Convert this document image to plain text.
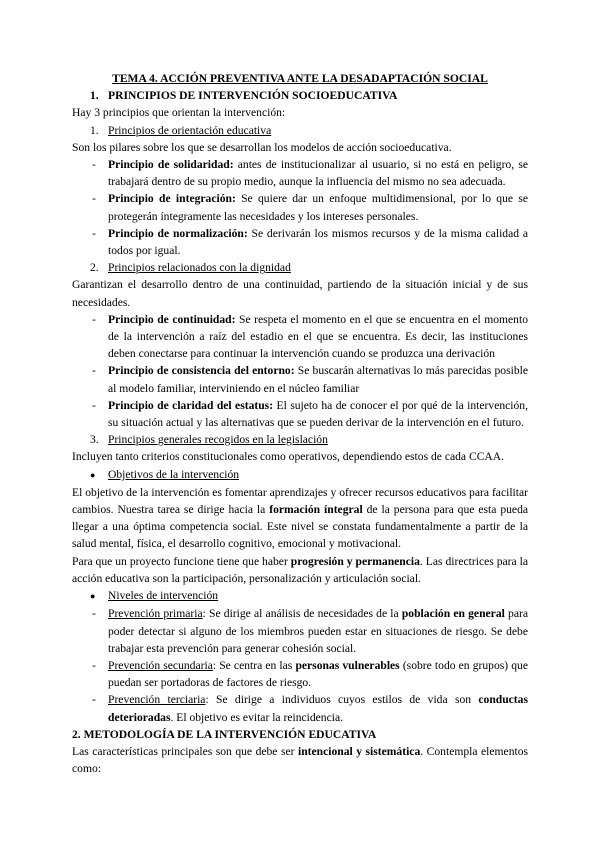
TEMA 4. ACCIÓN PREVENTIVA ANTE LA DESADAPTACIÓN SOCIAL

1. PRINCIPIOS DE INTERVENCIÓN SOCIOEDUCATIVA

Hay 3 principios que orientan la intervención:

1. Principios de orientación educativa

Son los pilares sobre los que se desarrollan los modelos de acción socioeducativa.

- Principio de solidaridad: antes de institucionalizar al usuario, si no está en peligro, se trabajará dentro de su propio medio, aunque la influencia del mismo no sea adecuada.
- Principio de integración: Se quiere dar un enfoque multidimensional, por lo que se protegerán íntegramente las necesidades y los intereses personales.
- Principio de normalización: Se derivarán los mismos recursos y de la misma calidad a todos por igual.

2. Principios relacionados con la dignidad

Garantizan el desarrollo dentro de una continuidad, partiendo de la situación inicial y de sus necesidades.

- Principio de continuidad: Se respeta el momento en el que se encuentra en el momento de la intervención a raíz del estadio en el que se encuentra. Es decir, las instituciones deben conectarse para continuar la intervención cuando se produzca una derivación
- Principio de consistencia del entorno: Se buscarán alternativas lo más parecidas posible al modelo familiar, interviniendo en el núcleo familiar
- Principio de claridad del estatus: El sujeto ha de conocer el por qué de la intervención, su situación actual y las alternativas que se pueden derivar de la intervención en el futuro.

3. Principios generales recogidos en la legislación

Incluyen tanto criterios constitucionales como operativos, dependiendo estos de cada CCAA.

● Objetivos de la intervención

El objetivo de la intervención es fomentar aprendizajes y ofrecer recursos educativos para facilitar cambios. Nuestra tarea se dirige hacia la formación íntegral de la persona para que esta pueda llegar a una óptima competencia social. Este nivel se constata fundamentalmente a partir de la salud mental, física, el desarrollo cognitivo, emocional y motivacional.

Para que un proyecto funcione tiene que haber progresión y permanencia. Las directrices para la acción educativa son la participación, personalización y articulación social.

● Niveles de intervención

- Prevención primaria: Se dirige al análisis de necesidades de la población en general para poder detectar si alguno de los miembros pueden estar en situaciones de riesgo. Se debe trabajar esta prevención para generar cohesión social.
- Prevención secundaria: Se centra en las personas vulnerables (sobre todo en grupos) que puedan ser portadoras de factores de riesgo.
- Prevención terciaria: Se dirige a individuos cuyos estilos de vida son conductas deterioradas. El objetivo es evitar la reincidencia.

2. METODOLOGÍA DE LA INTERVENCIÓN EDUCATIVA

Las características principales son que debe ser intencional y sistemática. Contempla elementos como:
